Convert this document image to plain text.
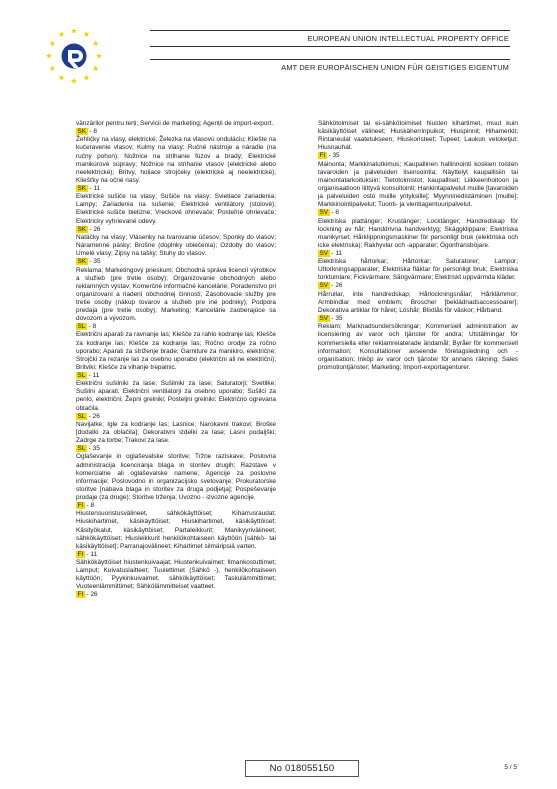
EUROPEAN UNION INTELLECTUAL PROPERTY OFFICE
AMT DER EUROPÄISCHEN UNION FÜR GEISTIGES EIGENTUM
vänzärilor pentru terți; Servicii de marketing; Agenții de import-export.
SK - 8
Žehličky na vlasy, elektrické; Železka na vlasovú onduláciu; Kliešte na kučeravenie vlasov; Kulmy na vlasy; Ručné nástroje a náradie (na ručný pohon); Nožnice na strihanie fúzov a brady; Elektrické manikúrové súpravy; Nožnice na strihanie vlasov (elektrické alebo neelektrické); Britvy, holiace strojčeky (elektrické aj neelektrické); Kliešťky na očné riasy.
SK - 11
Elektrické sušiče na vlasy; Sušiče na vlasy; Svietiace zariadenia; Lampy; Zariadenia na sušenie; Elektrické ventilátory (stolové); Elektrické sušiče bielizne; Vreckové ohrievače; Posteľné ohrievače; Elektricky vyhrievané odevy.
SK - 26
Natáčky na vlasy; Vlásenky na tvarovanie účesov; Sponky do vlasov; Náramenné pásky; Brošne (doplnky oblečenia); Ozdoby do vlasov; Umelé vlasy; Zipsy na tašky; Stuhy do vlasov.
SK - 35
Reklama; Marketingový prieskum; Obchodná správa licencií výrobkov a služieb (pre tretie osoby); Organizovanie obchodných alebo reklamných výstav; Komerčné informačné kancelárie; Poradenstvo pri organizovaní a riadení obchodnej činnosti; Zásobovacie služby pre tretie osoby (nákup tovarov a služieb pre iné podniky); Podpora predaja (pre tretie osoby); Marketing; Kancelárie zaoberajúce sa dovozom a vývozom.
SL - 8
Električni aparati za ravnanje las; Klešče za rahlo kodranje las; Klešče za kodranje las; Klešče za kodranje las; Ročno orodje za ročno uporabo; Aparati za striženje brade; Garniture za manikiro, električne; Strojčki za rezanje las za osebno uporabo (električni ali ne električni); Britviki; Klešče za vihanje trepalnic.
SL - 11
Električni sušilniki za lase; Sušilniki za lase; Saturatorji; Svetilke; Sušilni aparati; Električni ventilatorji za osebno uporabo; Sušilci za perilo, električni; Žepni grelniki; Posteljni grelniki; Električno ogrevana oblačila.
SL - 26
Navijalke; Igle za kodranje las; Lasnice; Narokavni trakovi; Broške [dodatki za oblačila]; Dekorativni izdelki za lase; Lasni podaljški; Zadrge za torbe; Trakovi za lase.
SL - 35
Oglaševanje in oglaševalske storitve; Tržne raziskave; Poslovna administracija licenciranja blaga in storitev drugih; Razstave v komercialne ali oglaševalske namene; Agencije za poslovne informacije; Poslovodno in organizacijsko svetovanje; Prokuratorske storitve [nabava blaga in storitev za druga podjetja]; Pospeševanje prodaje (za druge); Storitve trženja; Uvozno - izvozne agencije.
FI - 8
Hiustensuoristusvälineet, sähkökäyttöiset; Kiharrusraudat; Hiuskihartimet, käsikäyttöiset; Hiuskihartimet, käsikäyttöiset; Käsityökalut, käsikäyttöiset; Partaleikkurit; Manikyyrivälineet, sähkökäyttöiset; Hiusleikkurit henkilökohtaiseen käyttöön [sähkö- tai käsikäyttöiset]; Parranajovälineet; Kihartimet silmäripsiä varten.
FI - 11
Sähkökäyttöiset hiustenkuivaajat; Hiustenkuivaimet; Ilmankostuttimet; Lamput; Kuivatuslaitteet; Tuulettimet (Sähkö -), henkilökohtaiseen käyttöön; Pyykinkuivaimet, sähkökäyttöiset; Taskulämmittimet; Vuoteenlämmittimet; Sähkölämmitteiset vaatteet.
FI - 26
Sähkötoimiset tai ei-sähkötoimiset hiusten kihartimet, muut kuin käsikäyttöiset välineet; Hiuskäherrinpuikot; Hiuspinnit; Hihamerkit; Rintaneulat vaatetukseen; Hiuskoristeet; Tupeet; Laukun vetoketjut; Hiusnauhat.
FI - 35
Mainonta; Markkinatutkimus; Kaupallinen hallinnointi koskien toisten tavaroiden ja palveluiden lisensointia; Näyttelyt kaupallisiin tai mainontatarkoituksiin; Tietotoimistot, kaupalliset; Liikkeenhoitoon ja organisaatioon liittyvä konsultointi; Hankintapalvelut muille [tavaroiden ja palveluiden osto muille yrityksille]; Myynninedistäminen [muille]; Markkinointipalvelut; Tuonti- ja vientiagentuuripalvelut.
SV - 8
Elektriska plattänger; Krustänger; Locktänger; Handredskap för lockning av hår; Handdrivna handverktyg; Skäggklippare; Elektriska manikyrset; Hårklippningsmaskiner för personligt bruk (elektriska och icke elektriska); Rakhyvlar och -apparater; Ögonfransböjare.
SV - 11
Elektriska hårtorkar; Hårtorkar; Saturatorer; Lampor; Uttorkningsapparater; Elektriska fläktar för personligt bruk; Elektriska torktumlare; Fickvärmare; Sängvärmare; Elektriskt uppvärmda kläder.
SV - 26
Hårrullar, inte handredskap; Hårlockningsnålar; Hårklämmor; Armbindlar med emblem; Broscher [beklädnadsaccessoarer]; Dekorativa artiklar för håret; Löshår; Blixtlås för väskor; Hårband.
SV - 35
Reklam; Marknadsundersökningar; Kommersiell administration av licensiering av varor och tjänster för andra; Utställningar för kommersiella eller reklamrelaterade ändamål; Byråer för kommersiell information; Konsultationer avseende företagsledning och -organisation; Inköp av varor och tjänster för annans räkning; Sales promotiontjänster; Marketing; Import-exportagenturer.
No 018055150	5 / 5
